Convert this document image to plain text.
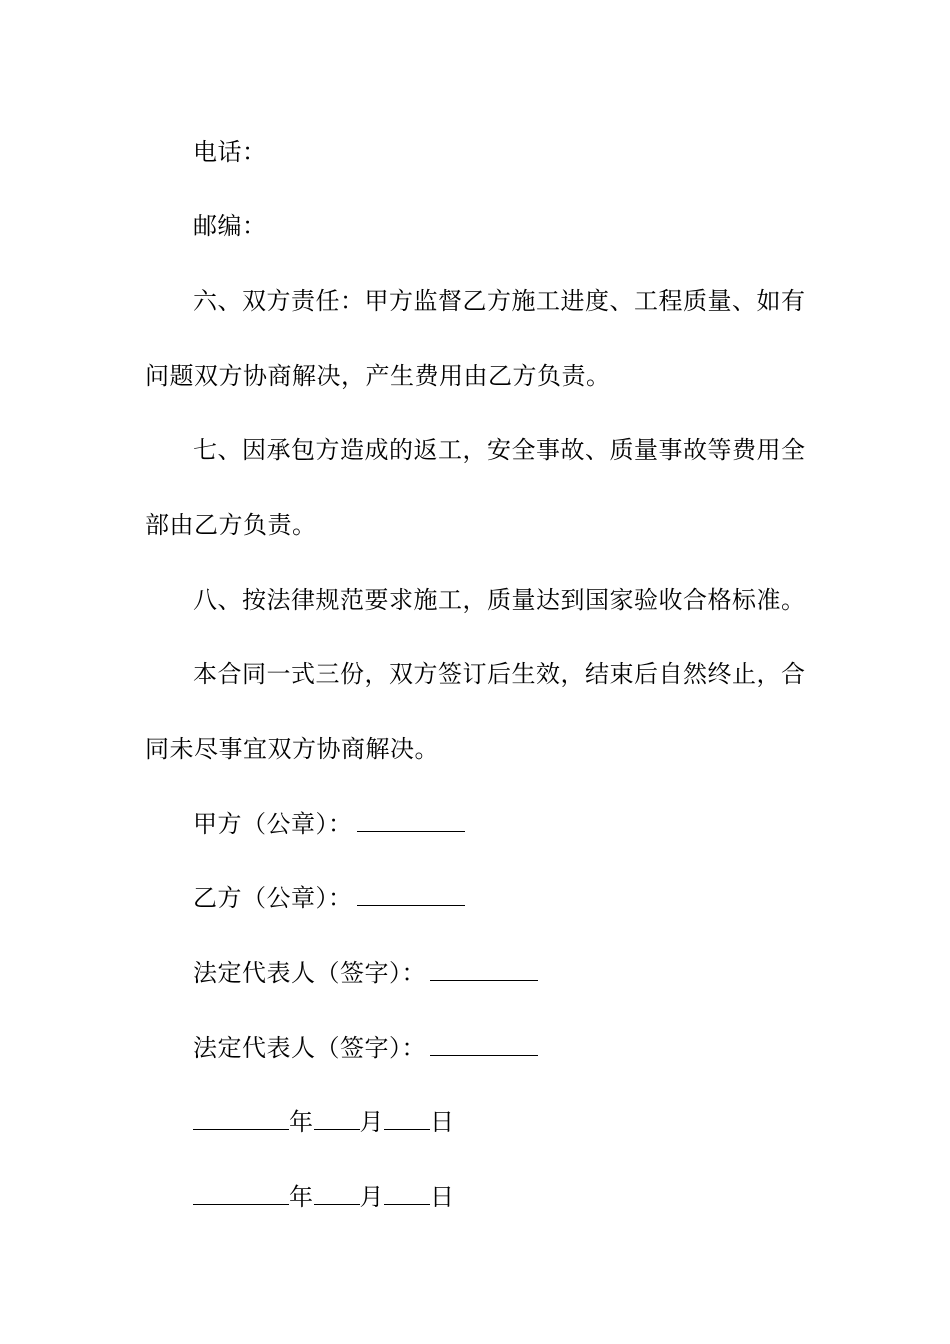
电话：
邮编：
六、双方责任：甲方监督乙方施工进度、工程质量、如有
问题双方协商解决，产生费用由乙方负责。
七、因承包方造成的返工，安全事故、质量事故等费用全
部由乙方负责。
八、按法律规范要求施工，质量达到国家验收合格标准。
本合同一式三份，双方签订后生效，结束后自然终止，合
同未尽事宜双方协商解决。
甲方（公章）：
乙方（公章）：
法定代表人（签字）：
法定代表人（签字）：
年 月 日
年 月 日
